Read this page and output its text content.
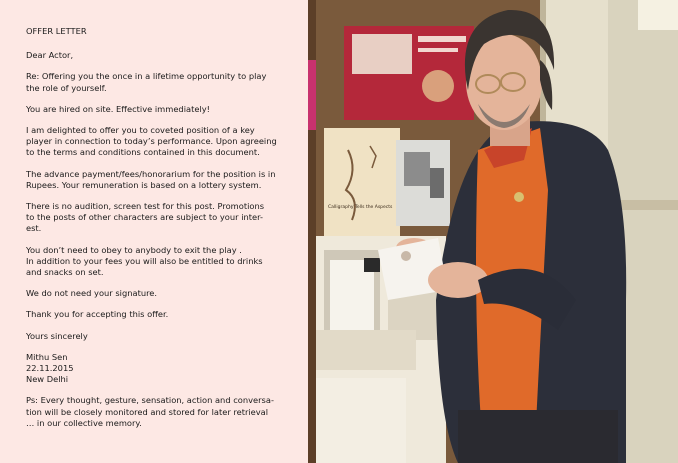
OFFER LETTER

Dear Actor,

Re: Offering you the once in a lifetime opportunity to play
the role of yourself.

You are hired on site. Effective immediately!

I am delighted to offer you to coveted position of a key
player in connection to today’s performance. Upon agreeing
to the terms and conditions contained in this document.

The advance payment/fees/honorarium for the position is in
Rupees. Your remuneration is based on a lottery system.

There is no audition, screen test for this post. Promotions
to the posts of other characters are subject to your inter-
est.

You don’t need to obey to anybody to exit the play .
In addition to your fees you will also be entitled to drinks
and snacks on set.

We do not need your signature.

Thank you for accepting this offer.

Yours sincerely

Mithu Sen
22.11.2015
New Delhi

Ps: Every thought, gesture, sensation, action and conversa-
tion will be closely monitored and stored for later retrieval
… in our collective memory.

Calligraphy Tells the Aspects
